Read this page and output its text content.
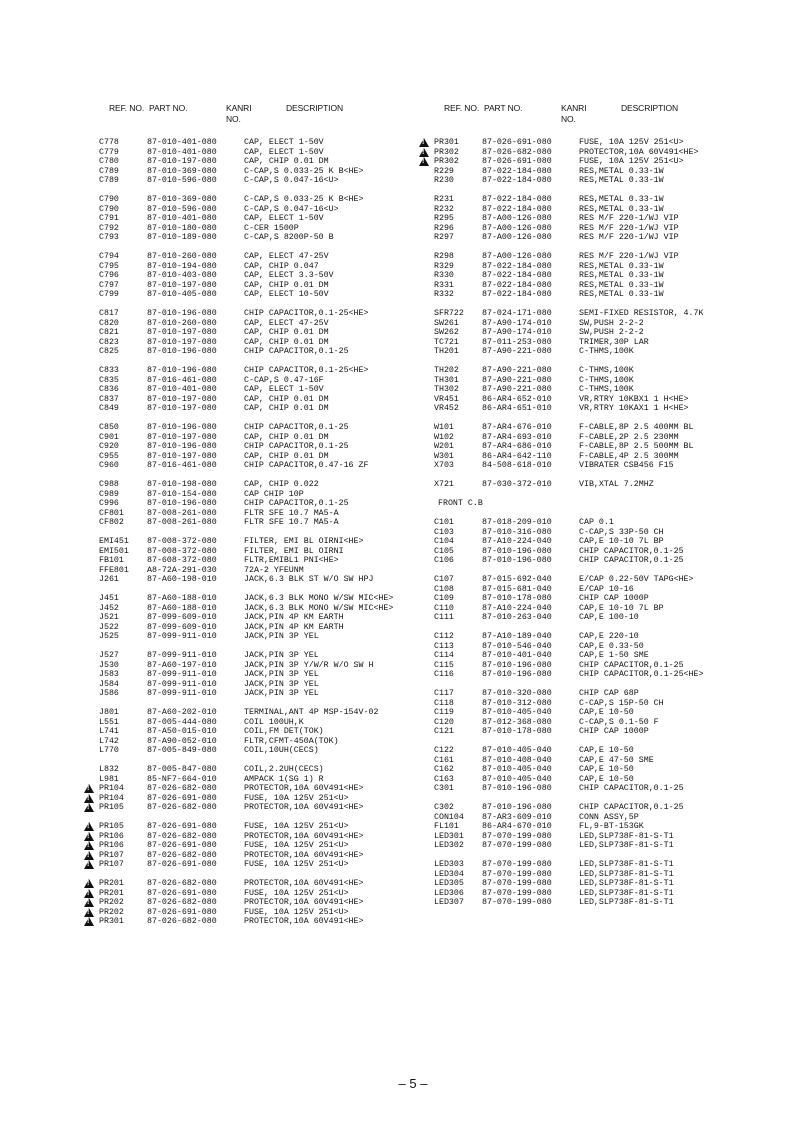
REF. NO. PART NO.	KANRI
NO.
DESCRIPTION
C778	87-010-401-080	CAP, ELECT 1-50V
C779	87-010-401-080	CAP, ELECT 1-50V
C780	87-010-197-080	CAP, CHIP 0.01 DM
C789	87-010-369-080	C-CAP,S 0.033-25 K B<HE>
C789	87-010-596-080	C-CAP,S 0.047-16<U>
C790	87-010-369-080	C-CAP,S 0.033-25 K B<HE>
C790	87-010-596-080	C-CAP,S 0.047-16<U>
C791	87-010-401-080	CAP, ELECT 1-50V
C792	87-010-180-080	C-CER 1500P
C793	87-010-189-080	C-CAP,S 8200P-50 B
C794	87-010-260-080	CAP, ELECT 47-25V
C795	87-010-194-080	CAP, CHIP 0.047
C796	87-010-403-080	CAP, ELECT 3.3-50V
C797	87-010-197-080	CAP, CHIP 0.01 DM
C799	87-010-405-080	CAP, ELECT 10-50V
C817	87-010-196-080	CHIP CAPACITOR,0.1-25<HE>
C820	87-010-260-080	CAP, ELECT 47-25V
C821	87-010-197-080	CAP, CHIP 0.01 DM
C823	87-010-197-080	CAP, CHIP 0.01 DM
C825	87-010-196-080	CHIP CAPACITOR,0.1-25
C833	87-010-196-080	CHIP CAPACITOR,0.1-25<HE>
C835	87-016-461-080	C-CAP,S 0.47-16F
C836	87-010-401-080	CAP, ELECT 1-50V
C837	87-010-197-080	CAP, CHIP 0.01 DM
C849	87-010-197-080	CAP, CHIP 0.01 DM
C850	87-010-196-080	CHIP CAPACITOR,0.1-25
C901	87-010-197-080	CAP, CHIP 0.01 DM
C920	87-010-196-080	CHIP CAPACITOR,0.1-25
C955	87-010-197-080	CAP, CHIP 0.01 DM
C960	87-016-461-080	CHIP CAPACITOR,0.47-16 ZF
C988	87-010-198-080	CAP, CHIP 0.022
C989	87-010-154-080	CAP CHIP 10P
C996	87-010-196-080	CHIP CAPACITOR,0.1-25
CF801	87-008-261-080	FLTR SFE 10.7 MA5-A
CF802	87-008-261-080	FLTR SFE 10.7 MA5-A
EMI451 87-008-372-080	FILTER, EMI BL OIRNI<HE>
EMI501 87-008-372-080	FILTER, EMI BL OIRNI
FB101	87-608-372-080	FLTR,EMIBL1 PNI<HE>
FFE801 A8-72A-291-030	72A-2 YFEUNM
J261	87-A60-198-010	JACK,6.3 BLK ST W/O SW HPJ
J451	87-A60-188-010	JACK,6.3 BLK MONO W/SW MIC<HE>
J452	87-A60-188-010	JACK,6.3 BLK MONO W/SW MIC<HE>
J521	87-099-609-010	JACK,PIN 4P KM EARTH
J522	87-099-609-010	JACK,PIN 4P KM EARTH
J525	87-099-911-010	JACK,PIN 3P YEL
J527	87-099-911-010	JACK,PIN 3P YEL
J530	87-A60-197-010	JACK,PIN 3P Y/W/R W/O SW H
J583	87-099-911-010	JACK,PIN 3P YEL
J584	87-099-911-010	JACK,PIN 3P YEL
J586	87-099-911-010	JACK,PIN 3P YEL
J801	87-A60-202-010	TERMINAL,ANT 4P MSP-154V-02
L551	87-005-444-080	COIL 100UH,K
L741	87-A50-015-010	COIL,FM DET(TOK)
L742	87-A90-052-010	FLTR,CFMT-450A(TOK)
L770	87-005-849-080	COIL,10UH(CECS)
L832	87-005-847-080	COIL,2.2UH(CECS)
L981	85-NF7-664-010	AMPACK 1(SG 1) R
!
PR104	87-026-682-080	PROTECTOR,10A 60V491<HE>
!
PR104	87-026-691-080	FUSE, 10A 125V 251<U>
!
PR105	87-026-682-080	PROTECTOR,10A 60V491<HE>
!
PR105	87-026-691-080	FUSE, 10A 125V 251<U>
!
PR106	87-026-682-080	PROTECTOR,10A 60V491<HE>
!
PR106	87-026-691-080	FUSE, 10A 125V 251<U>
!
PR107	87-026-682-080	PROTECTOR,10A 60V491<HE>
!
PR107	87-026-691-080	FUSE, 10A 125V 251<U>
!
PR201	87-026-682-080	PROTECTOR,10A 60V491<HE>
!
PR201	87-026-691-080	FUSE, 10A 125V 251<U>
!
PR202	87-026-682-080	PROTECTOR,10A 60V491<HE>
!
PR202	87-026-691-080	FUSE, 10A 125V 251<U>
!
PR301	87-026-682-080	PROTECTOR,10A 60V491<HE>
REF. NO. PART NO.	KANRI
NO.
DESCRIPTION
!
PR301	87-026-691-080	FUSE, 10A 125V 251<U>
!
PR302	87-026-682-080	PROTECTOR,10A 60V491<HE>
!
PR302	87-026-691-080	FUSE, 10A 125V 251<U>
R229	87-022-184-080	RES,METAL 0.33-1W
R230	87-022-184-080	RES,METAL 0.33-1W
R231	87-022-184-080	RES,METAL 0.33-1W
R232	87-022-184-080	RES,METAL 0.33-1W
R295	87-A00-126-080	RES M/F 220-1/WJ VIP
R296	87-A00-126-080	RES M/F 220-1/WJ VIP
R297	87-A00-126-080	RES M/F 220-1/WJ VIP
R298	87-A00-126-080	RES M/F 220-1/WJ VIP
R329	87-022-184-080	RES,METAL 0.33-1W
R330	87-022-184-080	RES,METAL 0.33-1W
R331	87-022-184-080	RES,METAL 0.33-1W
R332	87-022-184-080	RES,METAL 0.33-1W
SFR722 87-024-171-080	SEMI-FIXED RESISTOR, 4.7K
SW261	87-A90-174-010	SW,PUSH 2-2-2
SW262	87-A90-174-010	SW,PUSH 2-2-2
TC721	87-011-253-080	TRIMER,30P LAR
TH201	87-A90-221-080	C-THMS,100K
TH202	87-A90-221-080	C-THMS,100K
TH301	87-A90-221-080	C-THMS,100K
TH302	87-A90-221-080	C-THMS,100K
VR451	86-AR4-652-010	VR,RTRY 10KBX1 1 H<HE>
VR452	86-AR4-651-010	VR,RTRY 10KAX1 1 H<HE>
W101	87-AR4-676-010	F-CABLE,8P 2.5 400MM BL
W102	87-AR4-693-010	F-CABLE,2P 2.5 230MM
W201	87-AR4-686-010	F-CABLE,8P 2.5 500MM BL
W301	86-AR4-642-110	F-CABLE,4P 2.5 300MM
X703	84-508-618-010	VIBRATER CSB456 F15
X721	87-030-372-010	VIB,XTAL 7.2MHZ
FRONT C.B
C101	87-018-209-010	CAP 0.1
C103	87-010-316-080	C-CAP,S 33P-50 CH
C104	87-A10-224-040	CAP,E 10-10 7L BP
C105	87-010-196-080	CHIP CAPACITOR,0.1-25
C106	87-010-196-080	CHIP CAPACITOR,0.1-25
C107	87-015-692-040	E/CAP 0.22-50V TAPG<HE>
C108	87-015-681-040	E/CAP 10-16
C109	87-010-178-080	CHIP CAP 1000P
C110	87-A10-224-040	CAP,E 10-10 7L BP
C111	87-010-263-040	CAP,E 100-10
C112	87-A10-189-040	CAP,E 220-10
C113	87-010-546-040	CAP,E 0.33-50
C114	87-010-401-040	CAP,E 1-50 SME
C115	87-010-196-080	CHIP CAPACITOR,0.1-25
C116	87-010-196-080	CHIP CAPACITOR,0.1-25<HE>
C117	87-010-320-080	CHIP CAP 68P
C118	87-010-312-080	C-CAP,S 15P-50 CH
C119	87-010-405-040	CAP,E 10-50
C120	87-012-368-080	C-CAP,S 0.1-50 F
C121	87-010-178-080	CHIP CAP 1000P
C122	87-010-405-040	CAP,E 10-50
C161	87-010-408-040	CAP,E 47-50 SME
C162	87-010-405-040	CAP,E 10-50
C163	87-010-405-040	CAP,E 10-50
C301	87-010-196-080	CHIP CAPACITOR,0.1-25
C302	87-010-196-080	CHIP CAPACITOR,0.1-25
CON104 87-AR3-609-010	CONN ASSY,5P
FL101	86-AR4-670-010	FL,9-BT-153GK
LED301 87-070-199-080	LED,SLP738F-81-S-T1
LED302 87-070-199-080	LED,SLP738F-81-S-T1
LED303 87-070-199-080	LED,SLP738F-81-S-T1
LED304 87-070-199-080	LED,SLP738F-81-S-T1
LED305 87-070-199-080	LED,SLP738F-81-S-T1
LED306 87-070-199-080	LED,SLP738F-81-S-T1
LED307 87-070-199-080	LED,SLP738F-81-S-T1
– 5 –
